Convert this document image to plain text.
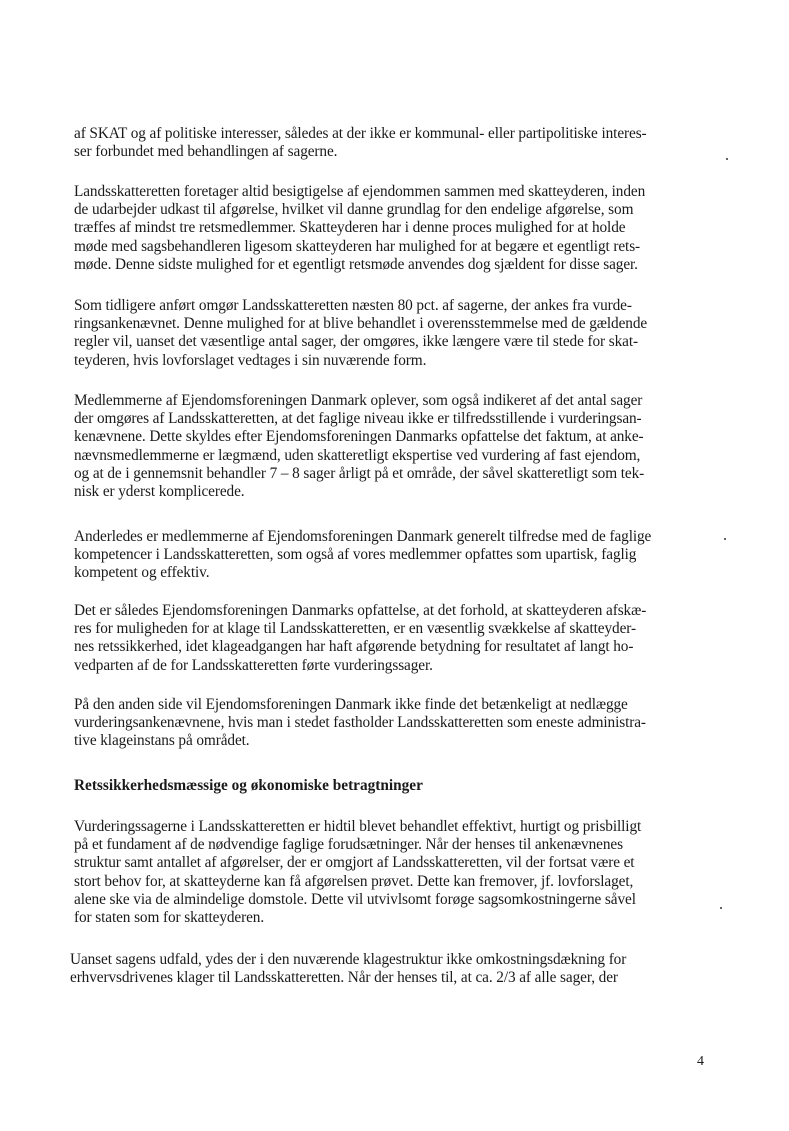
af SKAT og af politiske interesser, således at der ikke er kommunal- eller partipolitiske interes-
ser forbundet med behandlingen af sagerne.

Landsskatteretten foretager altid besigtigelse af ejendommen sammen med skatteyderen, inden
de udarbejder udkast til afgørelse, hvilket vil danne grundlag for den endelige afgørelse, som
træffes af mindst tre retsmedlemmer. Skatteyderen har i denne proces mulighed for at holde
møde med sagsbehandleren ligesom skatteyderen har mulighed for at begære et egentligt rets-
møde. Denne sidste mulighed for et egentligt retsmøde anvendes dog sjældent for disse sager.

Som tidligere anført omgør Landsskatteretten næsten 80 pct. af sagerne, der ankes fra vurde-
ringsankenævnet. Denne mulighed for at blive behandlet i overensstemmelse med de gældende
regler vil, uanset det væsentlige antal sager, der omgøres, ikke længere være til stede for skat-
teyderen, hvis lovforslaget vedtages i sin nuværende form.

Medlemmerne af Ejendomsforeningen Danmark oplever, som også indikeret af det antal sager
der omgøres af Landsskatteretten, at det faglige niveau ikke er tilfredsstillende i vurderingsan-
kenævnene. Dette skyldes efter Ejendomsforeningen Danmarks opfattelse det faktum, at anke-
nævnsmedlemmerne er lægmænd, uden skatteretligt ekspertise ved vurdering af fast ejendom,
og at de i gennemsnit behandler 7 – 8 sager årligt på et område, der såvel skatteretligt som tek-
nisk er yderst komplicerede.

Anderledes er medlemmerne af Ejendomsforeningen Danmark generelt tilfredse med de faglige
kompetencer i Landsskatteretten, som også af vores medlemmer opfattes som upartisk, faglig
kompetent og effektiv.

Det er således Ejendomsforeningen Danmarks opfattelse, at det forhold, at skatteyderen afskæ-
res for muligheden for at klage til Landsskatteretten, er en væsentlig svækkelse af skatteyder-
nes retssikkerhed, idet klageadgangen har haft afgørende betydning for resultatet af langt ho-
vedparten af de for Landsskatteretten førte vurderingssager.

På den anden side vil Ejendomsforeningen Danmark ikke finde det betænkeligt at nedlægge
vurderingsankenævnene, hvis man i stedet fastholder Landsskatteretten som eneste administra-
tive klageinstans på området.

Retssikkerhedsmæssige og økonomiske betragtninger

Vurderingssagerne i Landsskatteretten er hidtil blevet behandlet effektivt, hurtigt og prisbilligt
på et fundament af de nødvendige faglige forudsætninger. Når der henses til ankenævnenes
struktur samt antallet af afgørelser, der er omgjort af Landsskatteretten, vil der fortsat være et
stort behov for, at skatteyderne kan få afgørelsen prøvet. Dette kan fremover, jf. lovforslaget,
alene ske via de almindelige domstole. Dette vil utvivlsomt forøge sagsomkostningerne såvel
for staten som for skatteyderen.

Uanset sagens udfald, ydes der i den nuværende klagestruktur ikke omkostningsdækning for
erhvervsdrivenes klager til Landsskatteretten. Når der henses til, at ca. 2/3 af alle sager, der

4
